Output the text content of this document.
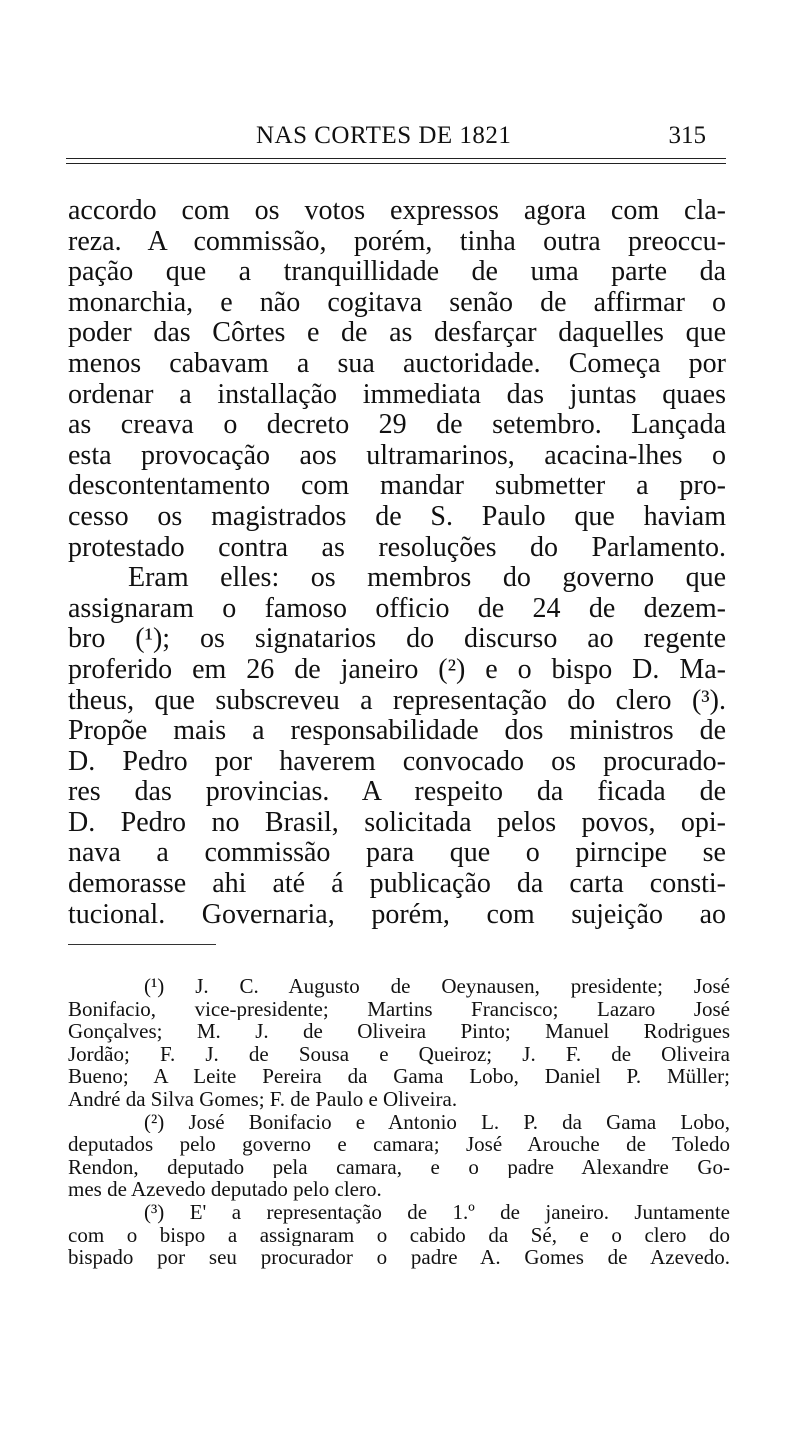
NAS CORTES DE 1821	315
accordo com os votos expressos agora com cla-
reza. A commissão, porém, tinha outra preoccu-
pação que a tranquillidade de uma parte da
monarchia, e não cogitava senão de affirmar o
poder das Côrtes e de as desfarçar daquelles que
menos cabavam a sua auctoridade. Começa por
ordenar a installação immediata das juntas quaes
as creava o decreto 29 de setembro. Lançada
esta provocação aos ultramarinos, acacina-lhes o
descontentamento com mandar submetter a pro-
cesso os magistrados de S. Paulo que haviam
protestado contra as resoluções do Parlamento.
Eram elles: os membros do governo que
assignaram o famoso officio de 24 de dezem-
bro (¹); os signatarios do discurso ao regente
proferido em 26 de janeiro (²) e o bispo D. Ma-
theus, que subscreveu a representação do clero (³).
Propõe mais a responsabilidade dos ministros de
D. Pedro por haverem convocado os procurado-
res das provincias. A respeito da ficada de
D. Pedro no Brasil, solicitada pelos povos, opi-
nava a commissão para que o pirncipe se
demorasse ahi até á publicação da carta consti-
tucional. Governaria, porém, com sujeição ao
(¹) J. C. Augusto de Oeynausen, presidente; José
Bonifacio, vice-presidente; Martins Francisco; Lazaro José
Gonçalves; M. J. de Oliveira Pinto; Manuel Rodrigues
Jordão; F. J. de Sousa e Queiroz; J. F. de Oliveira
Bueno; A Leite Pereira da Gama Lobo, Daniel P. Müller;
André da Silva Gomes; F. de Paulo e Oliveira.
(²) José Bonifacio e Antonio L. P. da Gama Lobo,
deputados pelo governo e camara; José Arouche de Toledo
Rendon, deputado pela camara, e o padre Alexandre Go-
mes de Azevedo deputado pelo clero.
(³) E' a representação de 1.º de janeiro. Juntamente
com o bispo a assignaram o cabido da Sé, e o clero do
bispado por seu procurador o padre A. Gomes de Azevedo.
